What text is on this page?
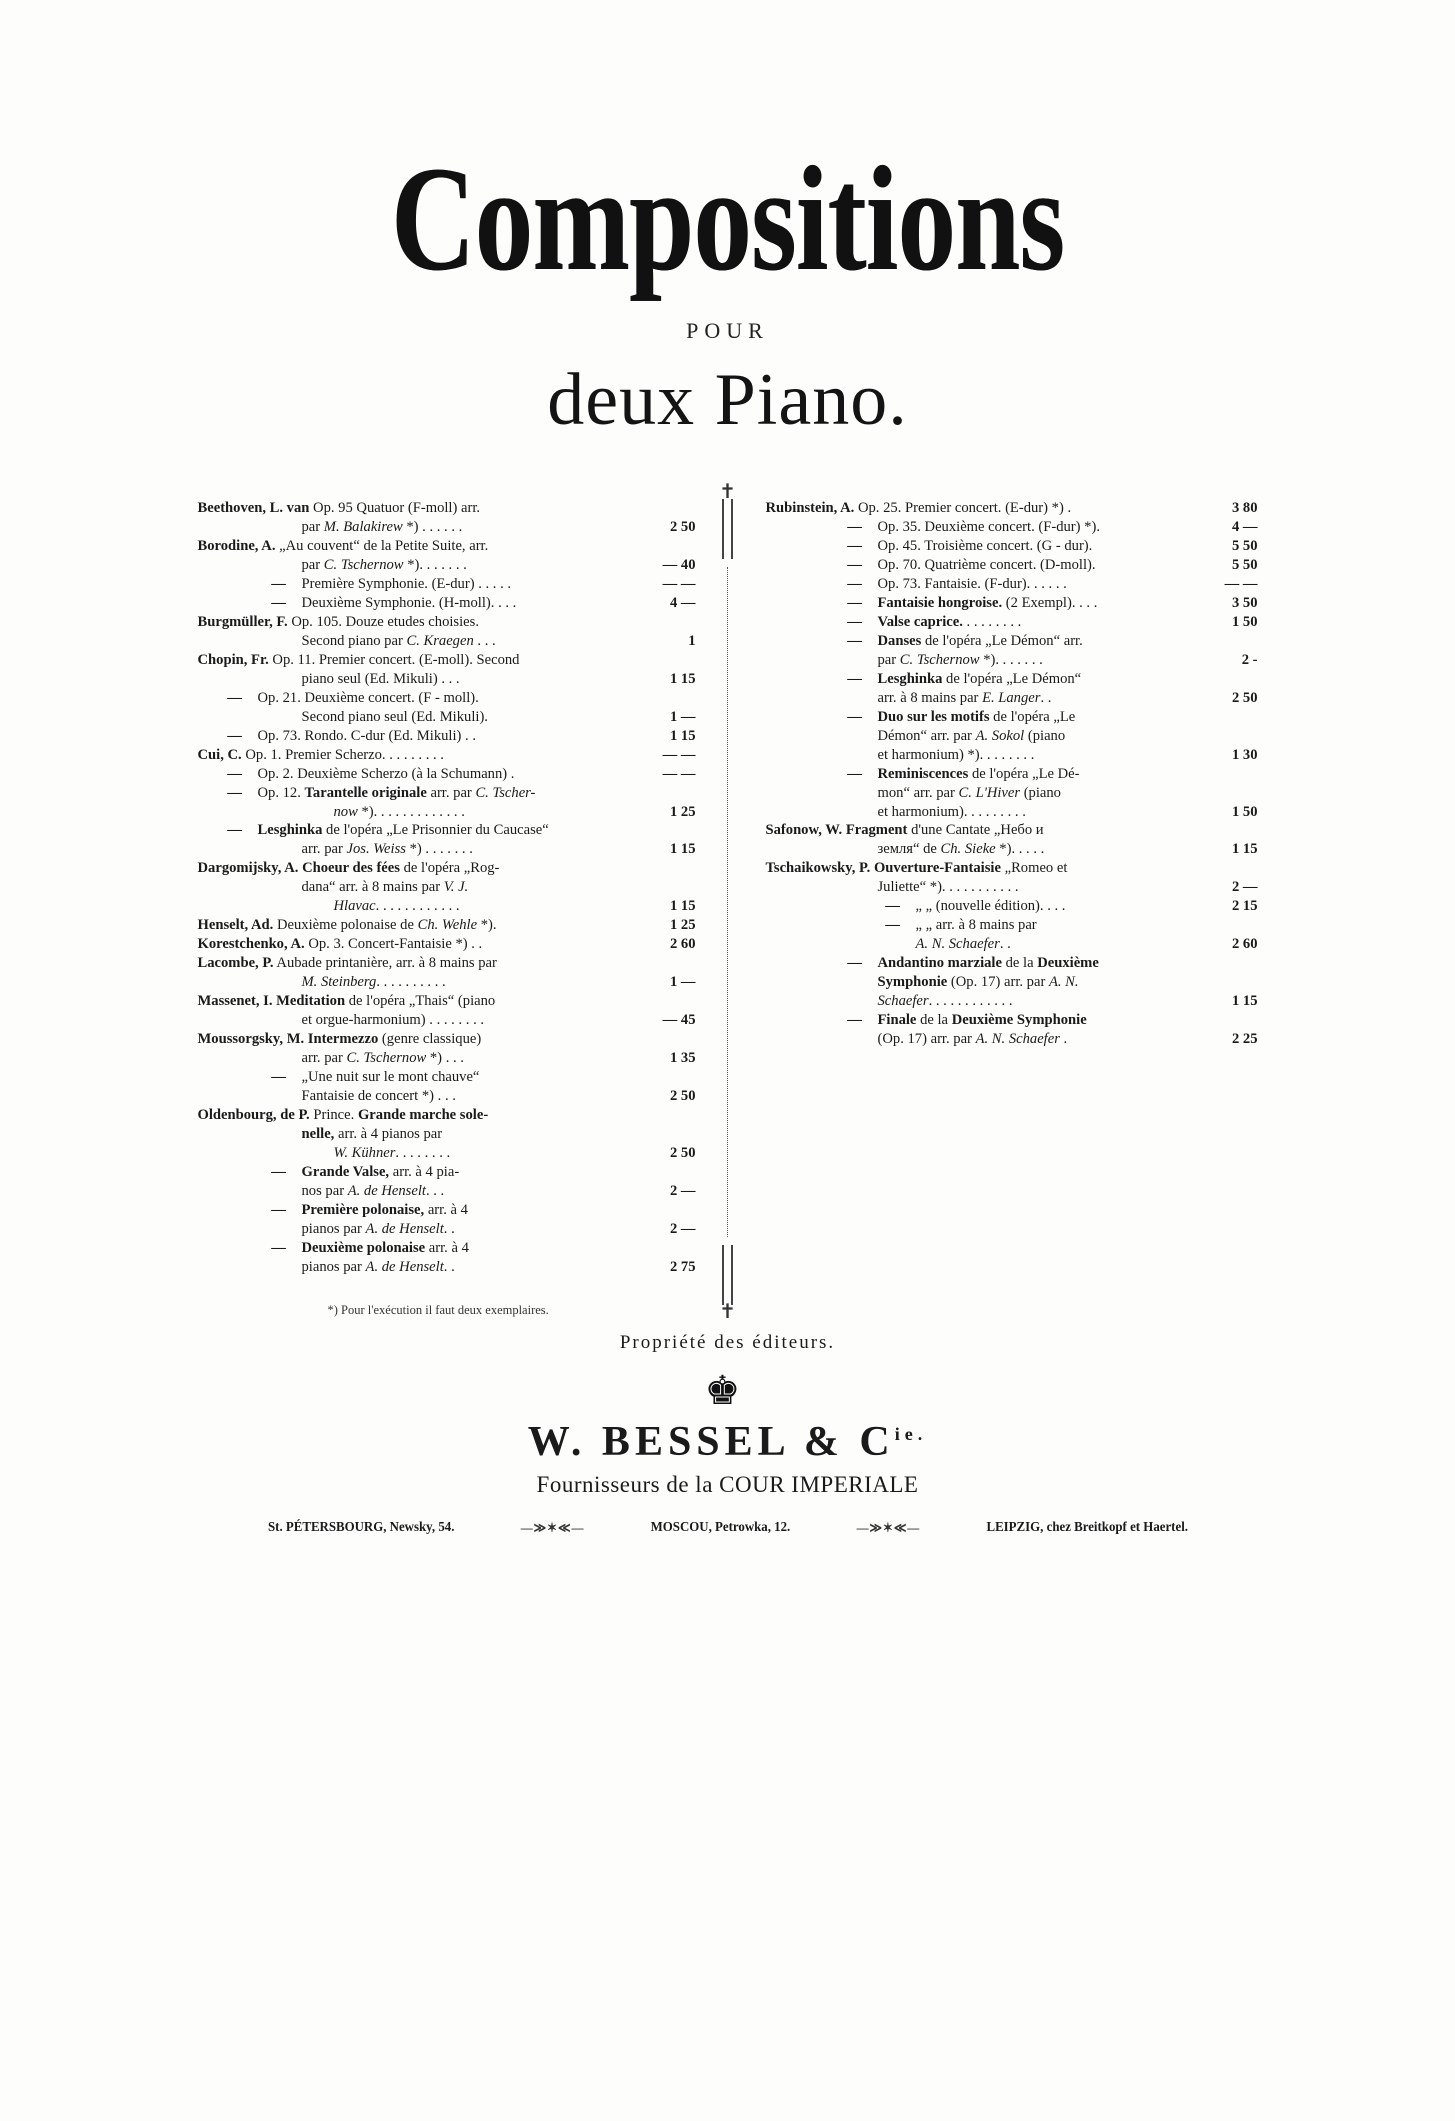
Compositions
POUR
deux Piano.
✝
✝
Beethoven, L. van Op. 95 Quatuor (F-moll) arr.
par M. Balakirew *) . . . . . .	2 50
Borodine, A. „Au couvent“ de la Petite Suite, arr.
par C. Tschernow *). . . . . . .	— 40
— Première Symphonie. (E-dur) . . . . .	— —
— Deuxième Symphonie. (H-moll). . . .	4 —
Burgmüller, F. Op. 105. Douze etudes choisies.
Second piano par C. Kraegen . . .	1
Chopin, Fr. Op. 11. Premier concert. (E-moll). Second
piano seul (Ed. Mikuli) . . .	1 15
— Op. 21. Deuxième concert. (F - moll).
Second piano seul (Ed. Mikuli).	1 —
— Op. 73. Rondo. C-dur (Ed. Mikuli) . .	1 15
Cui, C. Op. 1. Premier Scherzo. . . . . . . . .	— —
— Op. 2. Deuxième Scherzo (à la Schumann) .	— —
— Op. 12. Tarantelle originale arr. par C. Tscher-
now *). . . . . . . . . . . . .	1 25
— Lesghinka de l'opéra „Le Prisonnier du Caucase“
arr. par Jos. Weiss *) . . . . . . .	1 15
Dargomijsky, A. Choeur des fées de l'opéra „Rog-
dana“ arr. à 8 mains par V. J.
Hlavac. . . . . . . . . . . .	1 15
Henselt, Ad. Deuxième polonaise de Ch. Wehle *).	1 25
Korestchenko, A. Op. 3. Concert-Fantaisie *) . .	2 60
Lacombe, P. Aubade printanière, arr. à 8 mains par
M. Steinberg. . . . . . . . . .	1 —
Massenet, I. Meditation de l'opéra „Thais“ (piano
et orgue-harmonium) . . . . . . . .	— 45
Moussorgsky, M. Intermezzo (genre classique)
arr. par C. Tschernow *) . . .	1 35
— „Une nuit sur le mont chauve“
Fantaisie de concert *) . . .	2 50
Oldenbourg, de P. Prince. Grande marche sole-
nelle, arr. à 4 pianos par
W. Kühner. . . . . . . .	2 50
— Grande Valse, arr. à 4 pia-
nos par A. de Henselt. . .	2 —
— Première polonaise, arr. à 4
pianos par A. de Henselt. .	2 —
— Deuxième polonaise arr. à 4
pianos par A. de Henselt. .	2 75
Rubinstein, A. Op. 25. Premier concert. (E-dur) *) .	3 80
— Op. 35. Deuxième concert. (F-dur) *).	4 —
— Op. 45. Troisième concert. (G - dur).	5 50
— Op. 70. Quatrième concert. (D-moll).	5 50
— Op. 73. Fantaisie. (F-dur). . . . . .	— —
— Fantaisie hongroise. (2 Exempl). . . .	3 50
— Valse caprice. . . . . . . . .	1 50
— Danses de l'opéra „Le Démon“ arr.
par C. Tschernow *). . . . . . .	2 -
— Lesghinka de l'opéra „Le Démon“
arr. à 8 mains par E. Langer. .	2 50
— Duo sur les motifs de l'opéra „Le
Démon“ arr. par A. Sokol (piano
et harmonium) *). . . . . . . .	1 30
— Reminiscences de l'opéra „Le Dé-
mon“ arr. par C. L'Hiver (piano
et harmonium). . . . . . . . .	1 50
Safonow, W. Fragment d'une Cantate „Небо и
земля“ de Ch. Sieke *). . . . .	1 15
Tschaikowsky, P. Ouverture-Fantaisie „Romeo et
Juliette“ *). . . . . . . . . . .	2 —
— „ „ (nouvelle édition). . . .	2 15
— „ „ arr. à 8 mains par
A. N. Schaefer. .	2 60
— Andantino marziale de la Deuxième
Symphonie (Op. 17) arr. par A. N.
Schaefer. . . . . . . . . . . .	1 15
— Finale de la Deuxième Symphonie
(Op. 17) arr. par A. N. Schaefer .	2 25
*) Pour l'exécution il faut deux exemplaires.
Propriété des éditeurs.
♚
W. BESSEL & $C^{ie.}$
Fournisseurs de la COUR IMPERIALE
St. PÉTERSBOURG, Newsky, 54.	—≫✶≪—	MOSCOU, Petrowka, 12.	—≫✶≪—	LEIPZIG, chez Breitkopf et Haertel.
